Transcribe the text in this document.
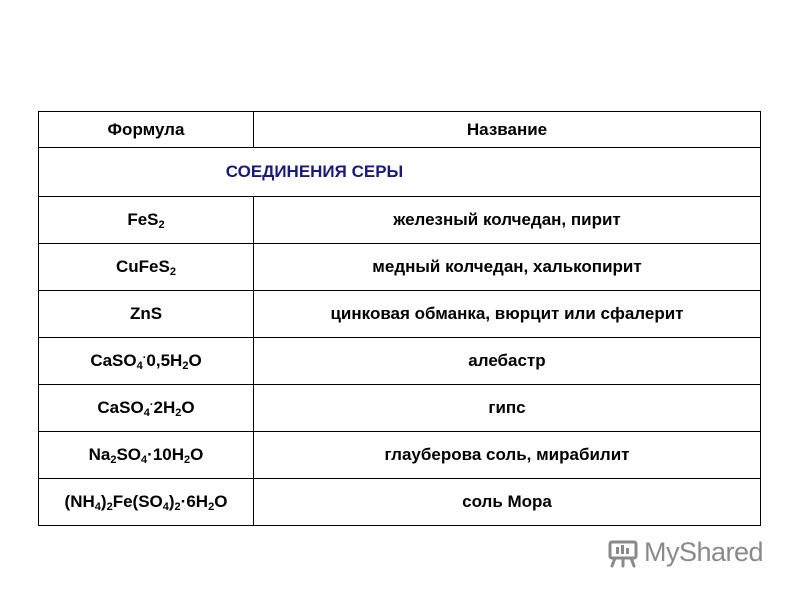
Формула	Название
СОЕДИНЕНИЯ СЕРЫ	
FeS$_2$	железный колчедан, пирит
CuFeS$_2$	медный колчедан, халькопирит
ZnS	цинковая обманка, вюрцит или сфалерит
$CaSO_4^\cdot 0,5H_2O$	алебастр
$CaSO_4^\cdot 2H_2O$	гипс
$Na_2SO_4\cdot 10H_2O$	глауберова соль, мирабилит
$(NH_4)_2Fe(SO_4)_2\cdot 6H_2O$	соль Мора
MyShared
